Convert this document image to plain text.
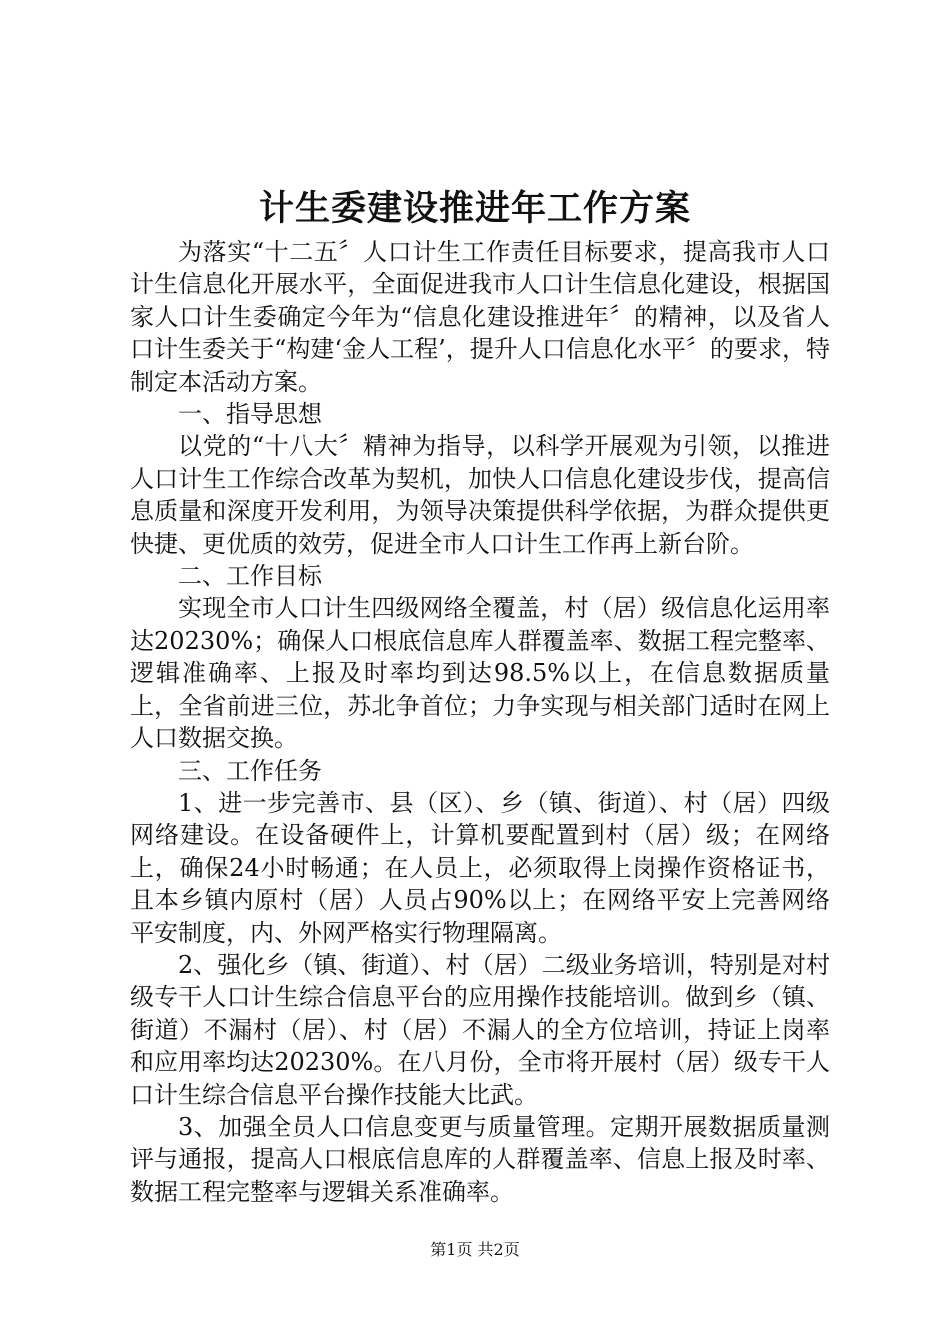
计生委建设推进年工作方案

为落实“十二五〞人口计生工作责任目标要求，提高我市人口计生信息化开展水平，全面促进我市人口计生信息化建设，根据国家人口计生委确定今年为“信息化建设推进年〞的精神，以及省人口计生委关于“构建‘金人工程’，提升人口信息化水平〞的要求，特制定本活动方案。

一、指导思想

以党的“十八大〞精神为指导，以科学开展观为引领，以推进人口计生工作综合改革为契机，加快人口信息化建设步伐，提高信息质量和深度开发利用，为领导决策提供科学依据，为群众提供更快捷、更优质的效劳，促进全市人口计生工作再上新台阶。

二、工作目标

实现全市人口计生四级网络全覆盖，村（居）级信息化运用率达20230%；确保人口根底信息库人群覆盖率、数据工程完整率、逻辑准确率、上报及时率均到达98.5%以上，在信息数据质量上，全省前进三位，苏北争首位；力争实现与相关部门适时在网上人口数据交换。

三、工作任务

1、进一步完善市、县（区）、乡（镇、街道）、村（居）四级网络建设。在设备硬件上，计算机要配置到村（居）级；在网络上，确保24小时畅通；在人员上，必须取得上岗操作资格证书，且本乡镇内原村（居）人员占90%以上；在网络平安上完善网络平安制度，内、外网严格实行物理隔离。

2、强化乡（镇、街道）、村（居）二级业务培训，特别是对村级专干人口计生综合信息平台的应用操作技能培训。做到乡（镇、街道）不漏村（居）、村（居）不漏人的全方位培训，持证上岗率和应用率均达20230%。在八月份，全市将开展村（居）级专干人口计生综合信息平台操作技能大比武。

3、加强全员人口信息变更与质量管理。定期开展数据质量测评与通报，提高人口根底信息库的人群覆盖率、信息上报及时率、数据工程完整率与逻辑关系准确率。

第1页 共2页
